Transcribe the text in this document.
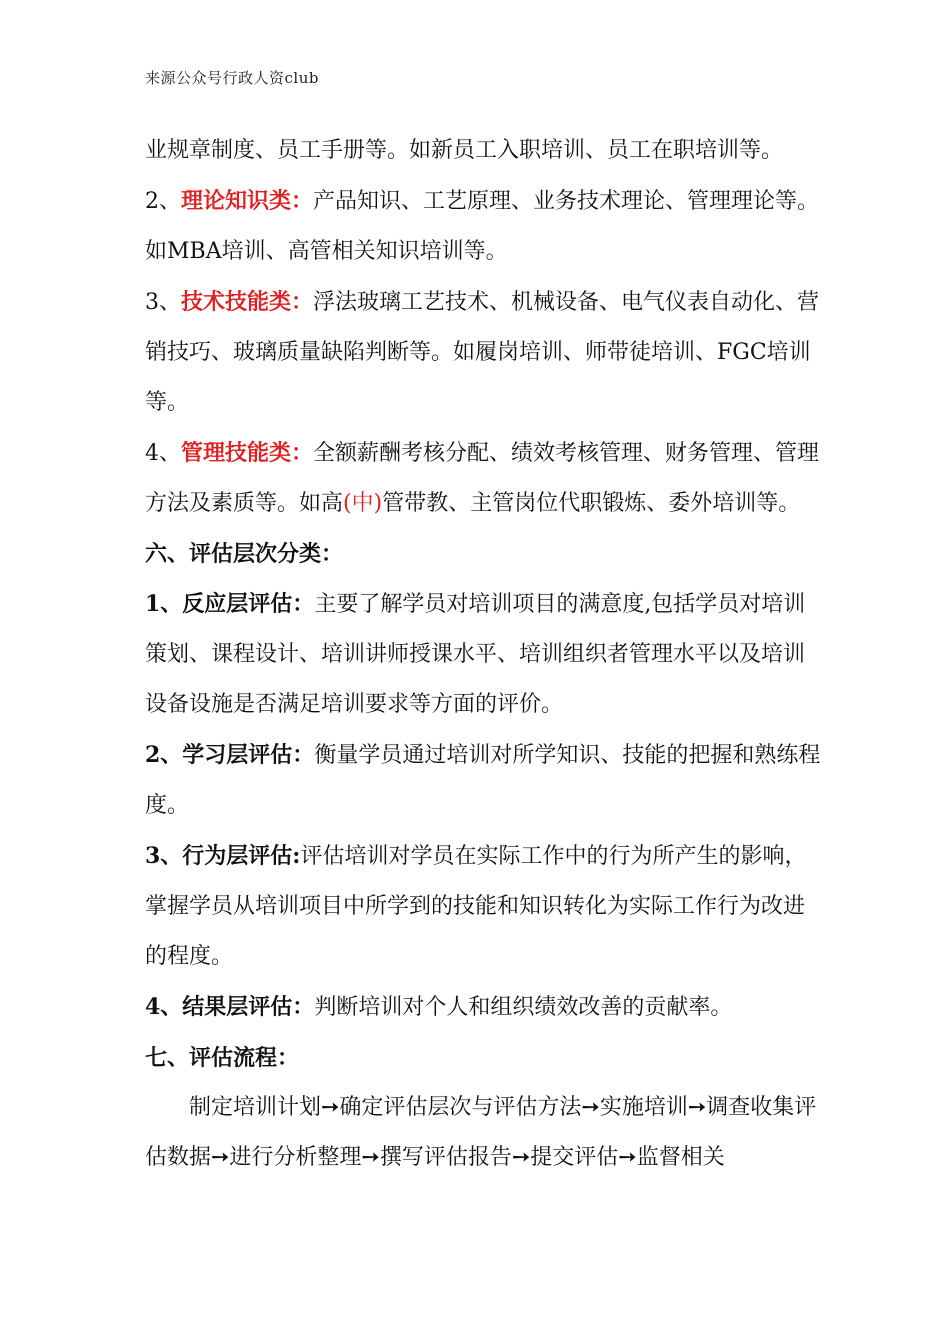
来源公众号行政人资club

业规章制度、员工手册等。如新员工入职培训、员工在职培训等。

2、理论知识类：产品知识、工艺原理、业务技术理论、管理理论等。如MBA培训、高管相关知识培训等。

3、技术技能类：浮法玻璃工艺技术、机械设备、电气仪表自动化、营销技巧、玻璃质量缺陷判断等。如履岗培训、师带徒培训、FGC培训等。

4、管理技能类：全额薪酬考核分配、绩效考核管理、财务管理、管理方法及素质等。如高(中)管带教、主管岗位代职锻炼、委外培训等。

六、评估层次分类：

1、反应层评估：主要了解学员对培训项目的满意度,包括学员对培训策划、课程设计、培训讲师授课水平、培训组织者管理水平以及培训设备设施是否满足培训要求等方面的评价。

2、学习层评估：衡量学员通过培训对所学知识、技能的把握和熟练程度。

3、行为层评估:评估培训对学员在实际工作中的行为所产生的影响，掌握学员从培训项目中所学到的技能和知识转化为实际工作行为改进的程度。

4、结果层评估：判断培训对个人和组织绩效改善的贡献率。

七、评估流程：

制定培训计划➙确定评估层次与评估方法➙实施培训➙调查收集评估数据➙进行分析整理➙撰写评估报告➙提交评估➙监督相关
